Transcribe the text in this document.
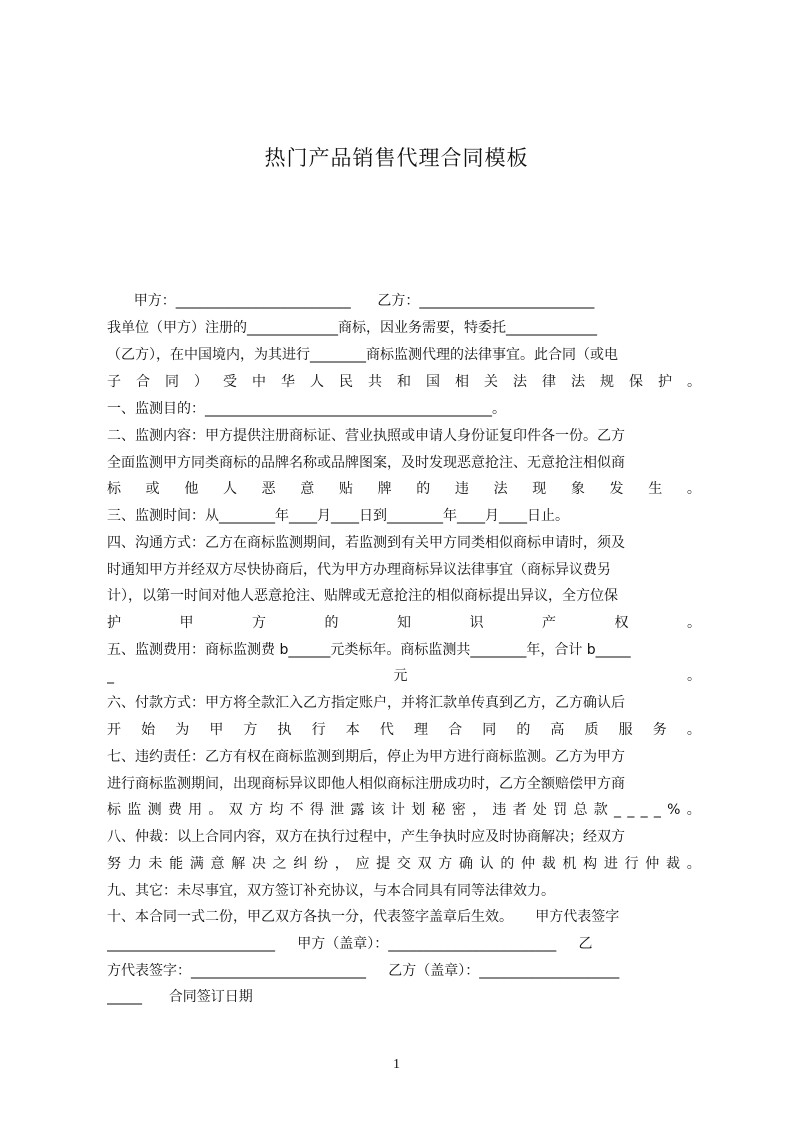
热门产品销售代理合同模板
甲方：_________________________      乙方：_________________________
我单位（甲方）注册的_____________商标，因业务需要，特委托_____________
（乙方），在中国境内，为其进行________商标监测代理的法律事宜。此合同（或电
子 合 同 ） 受 中 华 人 民 共 和 国 相 关 法 律 法 规 保 护 。
一、监测目的：_________________________________________。
二、监测内容：甲方提供注册商标证、营业执照或申请人身份证复印件各一份。乙方
全面监测甲方同类商标的品牌名称或品牌图案，及时发现恶意抢注、无意抢注相似商
标 或 他 人 恶 意 贴 牌 的 违 法 现 象 发 生 。
三、监测时间：从________年____月____日到________年____月____日止。
四、沟通方式：乙方在商标监测期间，若监测到有关甲方同类相似商标申请时，须及
时通知甲方并经双方尽快协商后，代为甲方办理商标异议法律事宜（商标异议费另
计），以第一时间对他人恶意抢注、贴牌或无意抢注的相似商标提出异议，全方位保
护	甲	方	的	知	识	产	权	。
五、监测费用：商标监测费 b______元类标年。商标监测共________年，合计 b_____
_	元	。
六、付款方式：甲方将全款汇入乙方指定账户，并将汇款单传真到乙方，乙方确认后
开 始 为 甲 方 执 行 本 代 理 合 同 的 高 质 服 务 。
七、违约责任：乙方有权在商标监测到期后，停止为甲方进行商标监测。乙方为甲方
进行商标监测期间，出现商标异议即他人相似商标注册成功时，乙方全额赔偿甲方商
标 监 测 费 用 。 双 方 均 不 得 泄 露 该 计 划 秘 密 ， 违 者 处 罚 总 款 _ _ _ _ % 。
八、仲裁：以上合同内容，双方在执行过程中，产生争执时应及时协商解决；经双方
努 力 未 能 满 意 解 决 之 纠 纷 ， 应 提 交 双 方 确 认 的 仲 裁 机 构 进 行 仲 裁 。
九、其它：未尽事宜，双方签订补充协议，与本合同具有同等法律效力。
十、本合同一式二份，甲乙双方各执一分，代表签字盖章后生效。     甲方代表签字
________________________     甲方（盖章）：________________________     乙
方代表签字：_________________________     乙方（盖章）：____________________
_____      合同签订日期
1
